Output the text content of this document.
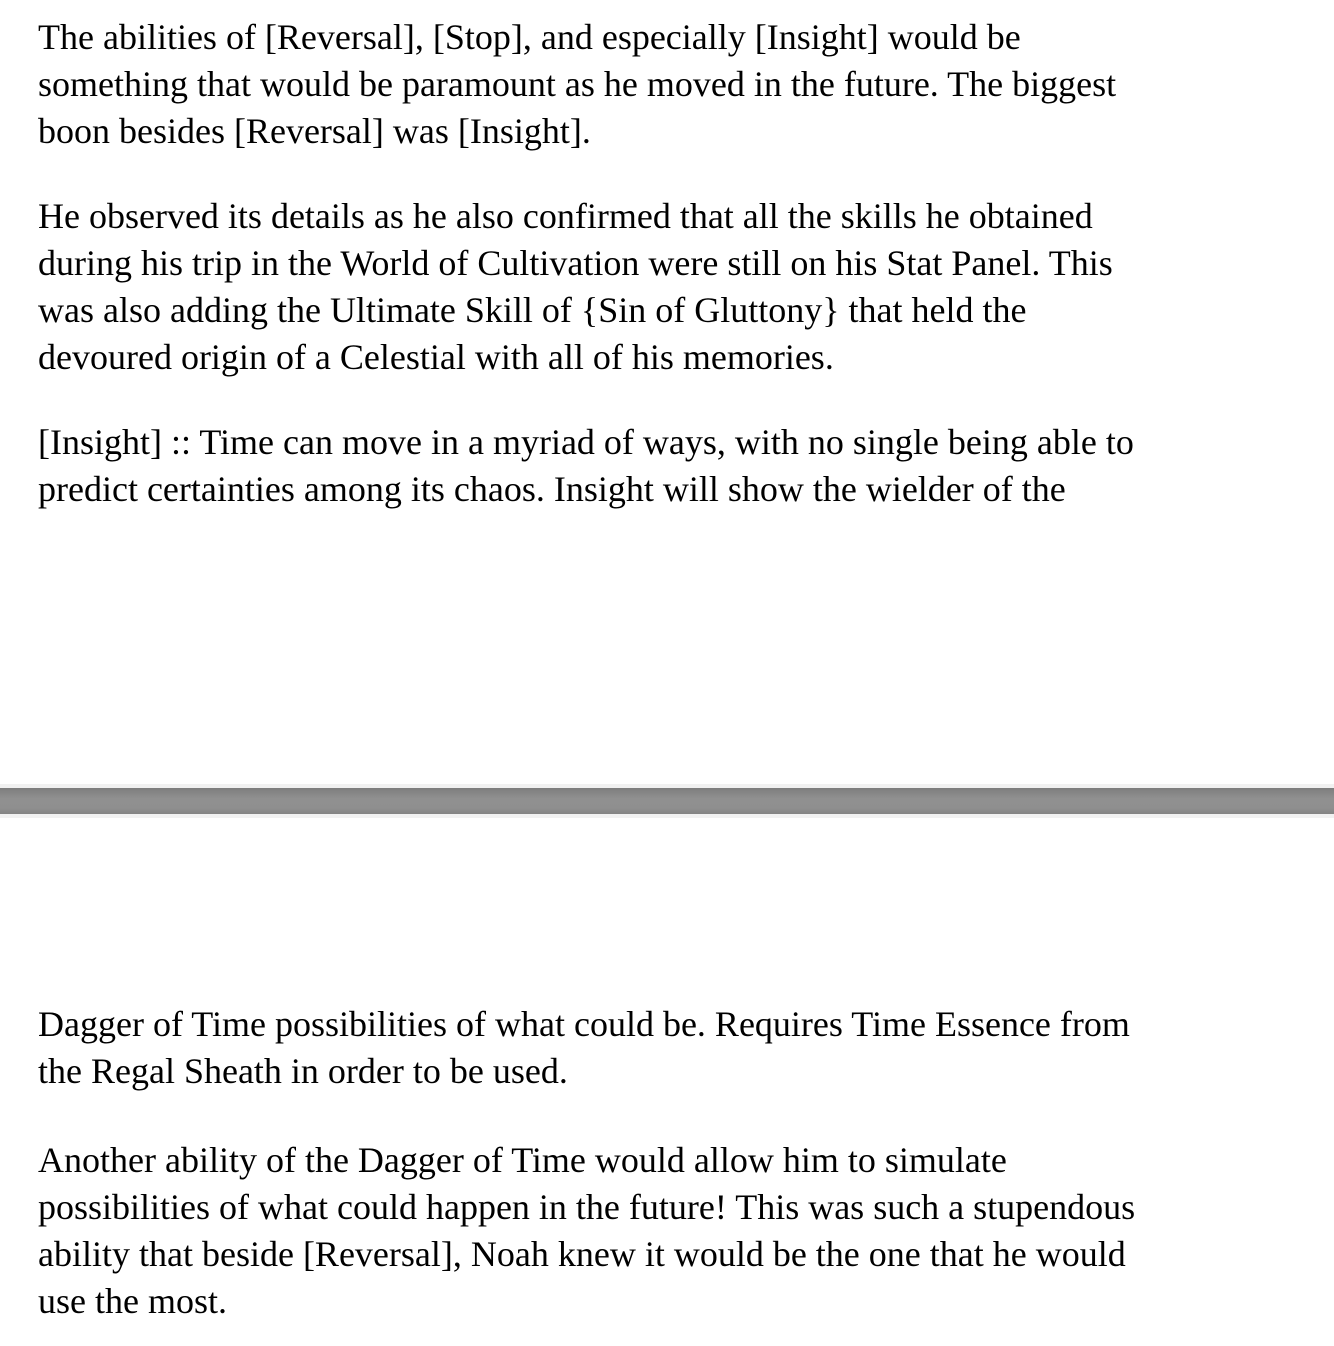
The abilities of [Reversal], [Stop], and especially [Insight] would be
something that would be paramount as he moved in the future. The biggest
boon besides [Reversal] was [Insight].

He observed its details as he also confirmed that all the skills he obtained
during his trip in the World of Cultivation were still on his Stat Panel. This
was also adding the Ultimate Skill of {Sin of Gluttony} that held the
devoured origin of a Celestial with all of his memories.

[Insight] :: Time can move in a myriad of ways, with no single being able to
predict certainties among its chaos. Insight will show the wielder of the

Dagger of Time possibilities of what could be. Requires Time Essence from
the Regal Sheath in order to be used.

Another ability of the Dagger of Time would allow him to simulate
possibilities of what could happen in the future! This was such a stupendous
ability that beside [Reversal], Noah knew it would be the one that he would
use the most.
